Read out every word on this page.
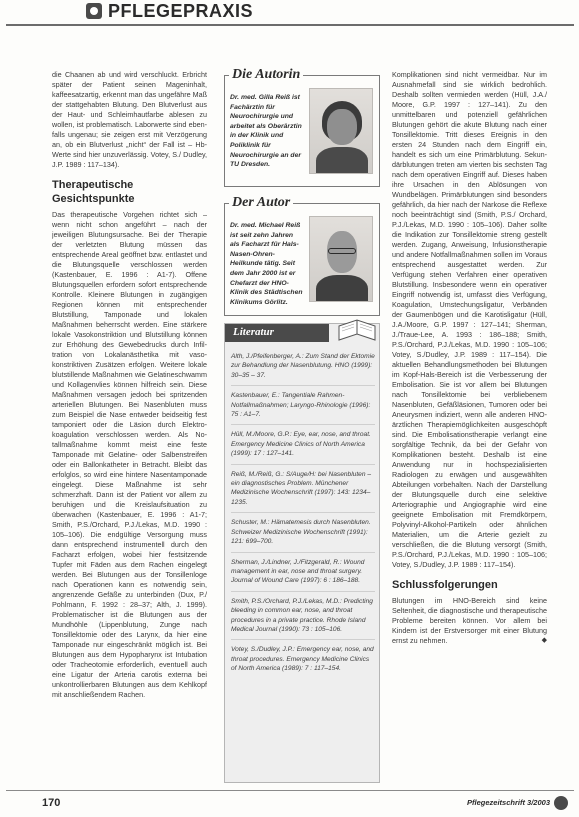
PFLEGEPRAXIS

die Chaanen ab und wird verschluckt. Erbricht später der Patient seinen Mageninhalt, kaffeesatzartig, erkennt man das ungefähre Maß der stattgehabten Blutung. Den Blutverlust aus der Haut- und Schleimhautfarbe ablesen zu wollen, ist problematisch. Laborwerte sind ebenfalls ungenau; sie zeigen erst mit Verzögerung an, ob ein Blutverlust „nicht“ der Fall ist – Hb-Werte sind hier unzuverlässig. Votey, S./ Dudley, J.P. 1989 : 117–134).

Therapeutische Gesichtspunkte

Das therapeutische Vorgehen richtet sich – wenn nicht schon angeführt – nach der jeweiligen Blutungsursache. Bei der Therapie der verletzten Blutung müssen das entsprechende Areal geöffnet bzw. entlastet und die Blutungsquelle verschlossen werden (Kastenbauer, E. 1996 : A1-7). Offene Blutungsquellen erfordern sofort entsprechende Kontrolle. Kleinere Blutungen in zugängigen Regionen können mit entsprechender Blutstillung, Tamponade und lokalen Maßnahmen beherrscht werden. Eine stärkere lokale Vasokonstriktion und Blutstillung können zur Erhöhung des Gewebedrucks durch Infiltration von Lokalanästhetika mit vasokonstriktiven Zusätzen erfolgen. Weitere lokale blutstillende Maßnahmen wie Gelatineschwamm und Kollagenvlies können hilfreich sein. Diese Maßnahmen versagen jedoch bei spritzenden arteriellen Blutungen. Bei Nasenbluten muss zum Beispiel die Nase entweder beidseitig fest tamponiert oder die Läsion durch Elektrokoagulation verschlossen werden. Als Notallmaßnahme kommt meist eine feste Tamponade mit Gelatine- oder Salbenstreifen oder ein Ballonkatheter in Betracht. Bleibt das erfolglos, so wird eine hintere Nasentamponade eingelegt. Diese Maßnahme ist sehr schmerzhaft. Dann ist der Patient vor allem zu beruhigen und die Kreislaufsituation zu überwachen (Kastenbauer, E. 1996 : A1-7; Smith, P.S./Orchard, P.J./Lekas, M.D. 1990 : 105–106). Die endgültige Versorgung muss dann entsprechend instrumentell durch den Facharzt erfolgen, wobei hier festsitzende Tupfer mit Fäden aus dem Rachen eingelegt werden. Bei Blutungen aus der Tonsillenloge nach Operationen kann es notwendig sein, angrenzende Gefäße zu unterbinden (Dux, P./ Pohlmann, F. 1992 : 28–37; Alth, J. 1999). Problematischer ist die Blutungen aus der Mundhöhle (Lippenblutung, Zunge nach Tonsillektomie oder des Larynx, da hier eine Tamponade nur eingeschränkt möglich ist. Bei Blutungen aus dem Hypopharynx ist Intubation oder Tracheotomie erforderlich, eventuell auch eine Ligatur der Arteria carotis externa bei unkontrollierbaren Blutungen aus dem Kehlkopf mit anschließendem Rachen.

Die Autorin
Dr. med. Gilla Reiß ist Fachärztin für Neurochirurgie und arbeitet als Oberärztin in der Klinik und Poliklinik für Neurochirurgie an der TU Dresden.
Der Autor
Dr. med. Michael Reiß ist seit zehn Jahren als Facharzt für Hals-Nasen-Ohren-Heilkunde tätig. Seit dem Jahr 2000 ist er Chefarzt der HNO-Klinik des Städtischen Klinikums Görlitz.
Literatur
Alth, J./Pfeifenberger, A.: Zum Stand der Ektomie zur Behandlung der Nasenblutung. HNO (1999): 30–35 – 37.
Kastenbauer, E.: Tangentiale Rahmen-Notfallmaßnahmen; Laryngo-Rhinologie (1996): 75 : A1–7.
Hüll, M./Moore, G.P.: Eye, ear, nose, and throat. Emergency Medicine Clinics of North America (1999): 17 : 127–141.
Reiß, M./Reiß, G.: S/Auge/H: bei Nasenbluten – ein diagnostisches Problem. Münchener Medizinische Wochenschrift (1997): 143: 1234–1235.
Schuster, M.: Hämatemesis durch Nasenbluten. Schweizer Medizinische Wochenschrift (1991): 121: 699–700.
Sherman, J./Lindner, J./Fitzgerald, R.: Wound management in ear, nose and throat surgery. Journal of Wound Care (1997): 6 : 186–188.
Smith, P.S./Orchard, P.J./Lekas, M.D.: Predicting bleeding in common ear, nose, and throat procedures in a private practice. Rhode Island Medical Journal (1990): 73 : 105–106.
Votey, S./Dudley, J.P.: Emergency ear, nose, and throat procedures. Emergency Medicine Clinics of North America (1989): 7 : 117–154.

Komplikationen sind nicht vermeidbar. Nur im Ausnahmefall sind sie wirklich bedrohlich. Deshalb sollten vermieden werden (Hüll, J.A./ Moore, G.P. 1997 : 127–141). Zu den unmittelbaren und potenziell gefährlichen Blutungen gehört die akute Blutung nach einer Tonsillektomie. Tritt dieses Ereignis in den ersten 24 Stunden nach dem Eingriff ein, handelt es sich um eine Primärblutung. Sekundärblutungen treten am vierten bis sechsten Tag nach dem operativen Eingriff auf. Dieses haben ihre Ursachen in den Ablösungen von Wundbelägen. Primärblutungen sind besonders gefährlich, da hier nach der Narkose die Reflexe noch beeinträchtigt sind (Smith, P.S./ Orchard, P.J./Lekas, M.D. 1990 : 105–106). Daher sollte die Indikation zur Tonsillektomie streng gestellt werden. Zugang, Anweisung, Infusionstherapie und andere Notfallmaßnahmen sollen im Voraus entsprechend ausgestattet werden. Zur Verfügung stehen Verfahren einer operativen Blutstillung. Insbesondere wenn ein operativer Eingriff notwendig ist, umfasst dies Verfügung, Koagulation, Umstechungsligatur, Verbänden der Gaumenbögen und die Karotisligatur (Hüll, J.A./Moore, G.P. 1997 : 127–141; Sherman, J./Traue-Lee, A. 1993 : 186–188; Smith, P.S./Orchard, P.J./Lekas, M.D. 1990 : 105–106; Votey, S./Dudley, J.P. 1989 : 117–154). Die aktuellen Behandlungsmethoden bei Blutungen im Kopf-Hals-Bereich ist die Verbesserung der Embolisation. Sie ist vor allem bei Blutungen nach Tonsillektomie bei verbliebenem Nasenbluten, Gefäßläsionen, Tumoren oder bei Aneurysmen indiziert, wenn alle anderen HNO-ärztlichen Therapiemöglichkeiten ausgeschöpft sind. Die Embolisationstherapie verlangt eine sorgfältige Technik, da bei der Gefahr von Komplikationen besteht. Deshalb ist eine Anwendung nur in hochspezialisierten Radiologen zu erwägen und ausgewählten Abteilungen vorbehalten. Nach der Darstellung der Blutungsquelle durch eine selektive Arteriographie und Angiographie wird eine geeignete Embolisation mit Fremdkörpern, Polyvinyl-Alkohol-Partikeln oder ähnlichen Materialien, um die Arterie gezielt zu verschließen, die die Blutung versorgt (Smith, P.S./Orchard, P.J./Lekas, M.D. 1990 : 105–106; Votey, S./Dudley, J.P. 1989 : 117–154).

Schlussfolgerungen

Blutungen im HNO-Bereich sind keine Seltenheit, die diagnostische und therapeutische Probleme bereiten können. Vor allem bei Kindern ist der Erstversorger mit einer Blutung ernst zu nehmen.	◆

170	Pflegezeitschrift 3/2003
